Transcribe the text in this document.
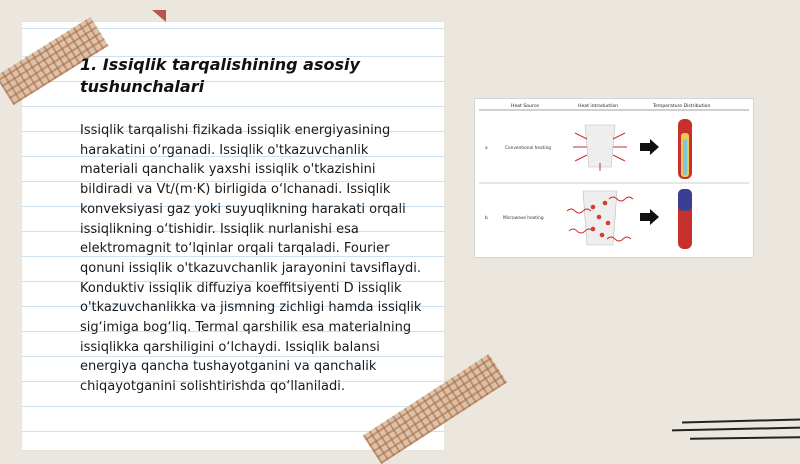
1. Issiqlik tarqalishining asosiy tushunchalari

Issiqlik tarqalishi fizikada issiqlik energiyasining harakatini o‘rganadi. Issiqlik o'tkazuvchanlik materiali qanchalik yaxshi issiqlik o'tkazishini bildiradi va Vt/(m·K) birligida o‘lchanadi. Issiqlik konveksiyasi gaz yoki suyuqlikning harakati orqali issiqlikning o‘tishidir. Issiqlik nurlanishi esa elektromagnit to‘lqinlar orqali tarqaladi. Fourier qonuni issiqlik o'tkazuvchanlik jarayonini tavsiflaydi. Konduktiv issiqlik diffuziya koeffitsiyenti D issiqlik o'tkazuvchanlikka va jismning zichligi hamda issiqlik sig‘imiga bog‘liq. Termal qarshilik esa materialning issiqlikka qarshiligini o‘lchaydi. Issiqlik balansi energiya qancha tushayotganini va qanchalik chiqayotganini solishtirishda qo‘llaniladi.

Heat Source	Heat introduction	Temperature Distribution
a	Conventional heating
b	Microwave heating
